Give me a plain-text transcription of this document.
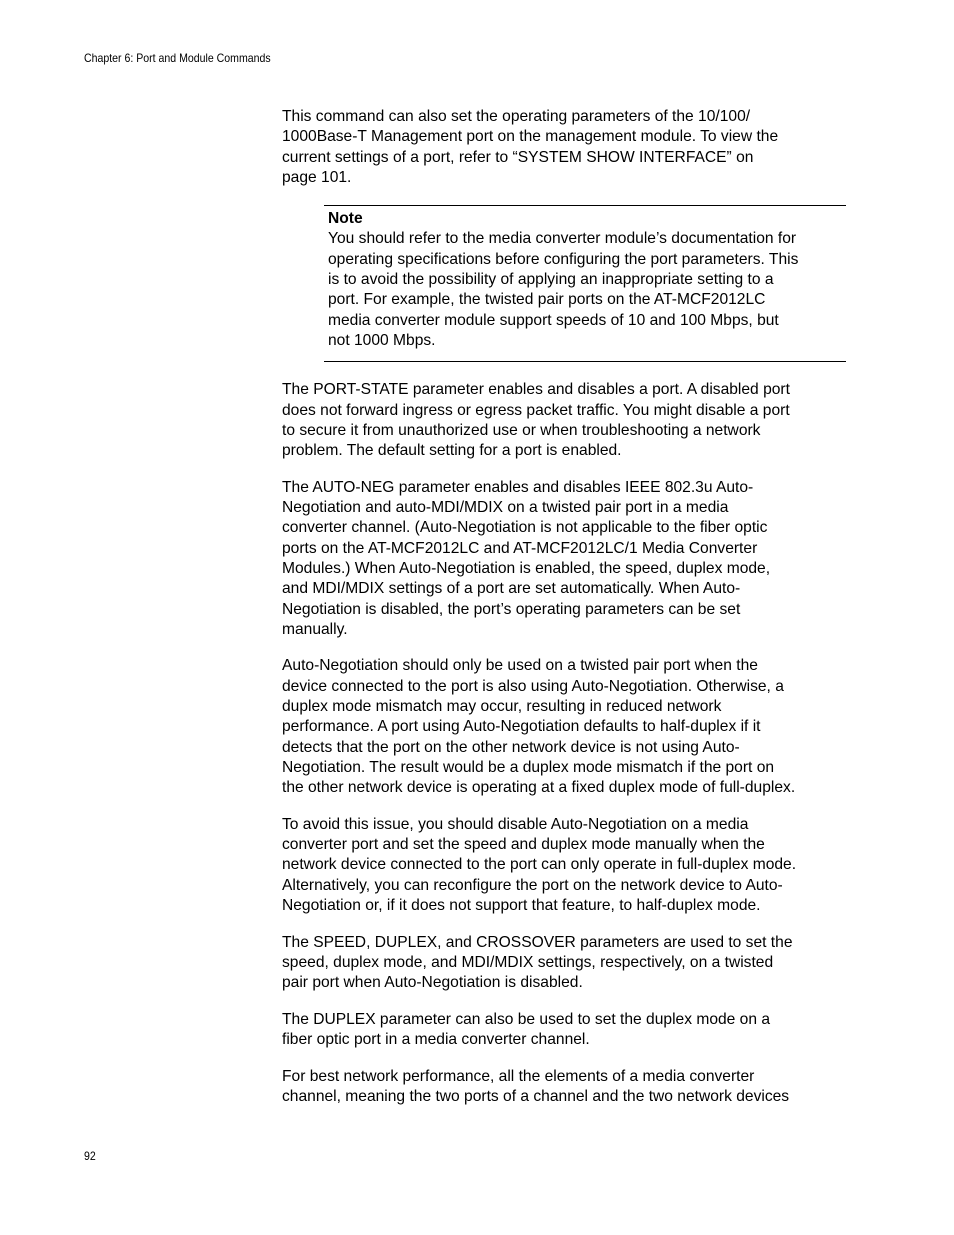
Chapter 6: Port and Module Commands

This command can also set the operating parameters of the 10/100/
1000Base-T Management port on the management module. To view the
current settings of a port, refer to “SYSTEM SHOW INTERFACE” on
page 101.

Note

You should refer to the media converter module’s documentation for
operating specifications before configuring the port parameters. This
is to avoid the possibility of applying an inappropriate setting to a
port. For example, the twisted pair ports on the AT-MCF2012LC
media converter module support speeds of 10 and 100 Mbps, but
not 1000 Mbps.

The PORT-STATE parameter enables and disables a port. A disabled port
does not forward ingress or egress packet traffic. You might disable a port
to secure it from unauthorized use or when troubleshooting a network
problem. The default setting for a port is enabled.

The AUTO-NEG parameter enables and disables IEEE 802.3u Auto-
Negotiation and auto-MDI/MDIX on a twisted pair port in a media
converter channel. (Auto-Negotiation is not applicable to the fiber optic
ports on the AT-MCF2012LC and AT-MCF2012LC/1 Media Converter
Modules.) When Auto-Negotiation is enabled, the speed, duplex mode,
and MDI/MDIX settings of a port are set automatically. When Auto-
Negotiation is disabled, the port’s operating parameters can be set
manually.

Auto-Negotiation should only be used on a twisted pair port when the
device connected to the port is also using Auto-Negotiation. Otherwise, a
duplex mode mismatch may occur, resulting in reduced network
performance. A port using Auto-Negotiation defaults to half-duplex if it
detects that the port on the other network device is not using Auto-
Negotiation. The result would be a duplex mode mismatch if the port on
the other network device is operating at a fixed duplex mode of full-duplex.

To avoid this issue, you should disable Auto-Negotiation on a media
converter port and set the speed and duplex mode manually when the
network device connected to the port can only operate in full-duplex mode.
Alternatively, you can reconfigure the port on the network device to Auto-
Negotiation or, if it does not support that feature, to half-duplex mode.

The SPEED, DUPLEX, and CROSSOVER parameters are used to set the
speed, duplex mode, and MDI/MDIX settings, respectively, on a twisted
pair port when Auto-Negotiation is disabled.

The DUPLEX parameter can also be used to set the duplex mode on a
fiber optic port in a media converter channel.

For best network performance, all the elements of a media converter
channel, meaning the two ports of a channel and the two network devices

92
